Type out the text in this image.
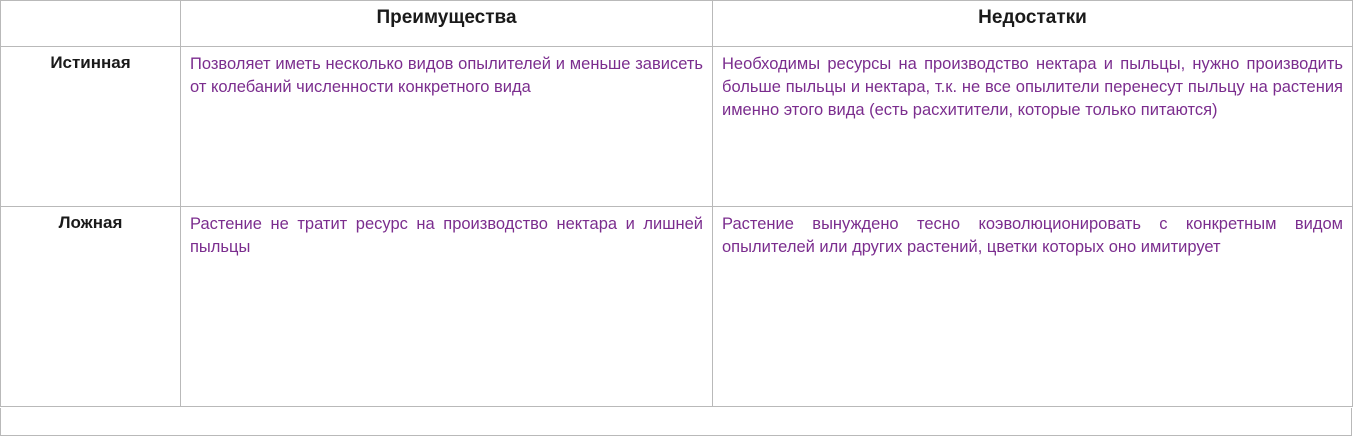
	Преимущества	Недостатки
Истинная	Позволяет иметь несколько видов опылителей и меньше зависеть от колебаний численности конкретного вида	Необходимы ресурсы на производство нектара и пыльцы, нужно производить больше пыльцы и нектара, т.к. не все опылители перенесут пыльцу на растения именно этого вида (есть расхитители, которые только питаются)
Ложная	Растение не тратит ресурс на производство нектара и лишней пыльцы	Растение вынуждено тесно коэволюционировать с конкретным видом опылителей или других растений, цветки которых оно имитирует
